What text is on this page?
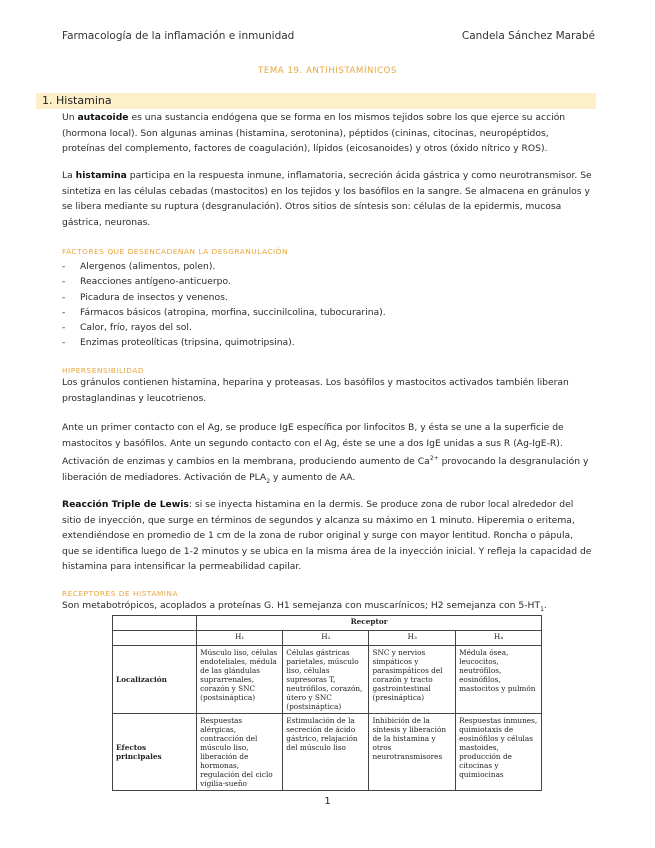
Farmacología de la inflamación e inmunidad	Candela Sánchez Marabé
TEMA 19. ANTIHISTAMÍNICOS
1. Histamina
Un autacoide es una sustancia endógena que se forma en los mismos tejidos sobre los que ejerce su acción (hormona local). Son algunas aminas (histamina, serotonina), péptidos (cininas, citocinas, neuropéptidos, proteínas del complemento, factores de coagulación), lípidos (eicosanoides) y otros (óxido nítrico y ROS).
La histamina participa en la respuesta inmune, inflamatoria, secreción ácida gástrica y como neurotransmisor. Se sintetiza en las células cebadas (mastocitos) en los tejidos y los basófilos en la sangre. Se almacena en gránulos y se libera mediante su ruptura (desgranulación). Otros sitios de síntesis son: células de la epidermis, mucosa gástrica, neuronas.
FACTORES QUE DESENCADENAN LA DESGRANULACIÓN
- Alergenos (alimentos, polen).
- Reacciones antígeno-anticuerpo.
- Picadura de insectos y venenos.
- Fármacos básicos (atropina, morfina, succinilcolina, tubocurarina).
- Calor, frío, rayos del sol.
- Enzimas proteolíticas (tripsina, quimotripsina).
HIPERSENSIBILIDAD
Los gránulos contienen histamina, heparina y proteasas. Los basófilos y mastocitos activados también liberan prostaglandinas y leucotrienos.
Ante un primer contacto con el Ag, se produce IgE específica por linfocitos B, y ésta se une a la superficie de mastocitos y basófilos. Ante un segundo contacto con el Ag, éste se une a dos IgE unidas a sus R (Ag-IgE-R). Activación de enzimas y cambios en la membrana, produciendo aumento de $Ca^{2+}$ provocando la desgranulación y liberación de mediadores. Activación de $PLA_2$ y aumento de AA.
Reacción Triple de Lewis: si se inyecta histamina en la dermis. Se produce zona de rubor local alrededor del sitio de inyección, que surge en términos de segundos y alcanza su máximo en 1 minuto. Hiperemia o eritema, extendiéndose en promedio de 1 cm de la zona de rubor original y surge con mayor lentitud. Roncha o pápula, que se identifica luego de 1-2 minutos y se ubica en la misma área de la inyección inicial. Y refleja la capacidad de histamina para intensificar la permeabilidad capilar.
RECEPTORES DE HISTAMINA
Son metabotrópicos, acoplados a proteínas G. H1 semejanza con muscarínicos; H2 semejanza con $5-HT_1$.
	Receptor			
	H₁	H₂	H₃	H₄
Localización	Músculo liso, células endoteliales, médula de las glándulas suprarrenales, corazón y SNC (postsináptica)	Células gástricas parietales, músculo liso, células supresoras T, neutrófilos, corazón, útero y SNC (postsináptica)	SNC y nervios simpáticos y parasimpáticos del corazón y tracto gastrointestinal (presináptica)	Médula ósea, leucocitos, neutrófilos, eosinófilos, mastocitos y pulmón
Efectos principales	Respuestas alérgicas, contracción del músculo liso, liberación de hormonas, regulación del ciclo vigilia-sueño	Estimulación de la secreción de ácido gástrico, relajación del músculo liso	Inhibición de la síntesis y liberación de la histamina y otros neurotransmisores	Respuestas inmunes, quimiotaxis de eosinófilos y células mastoides, producción de citocinas y quimiocinas
1
